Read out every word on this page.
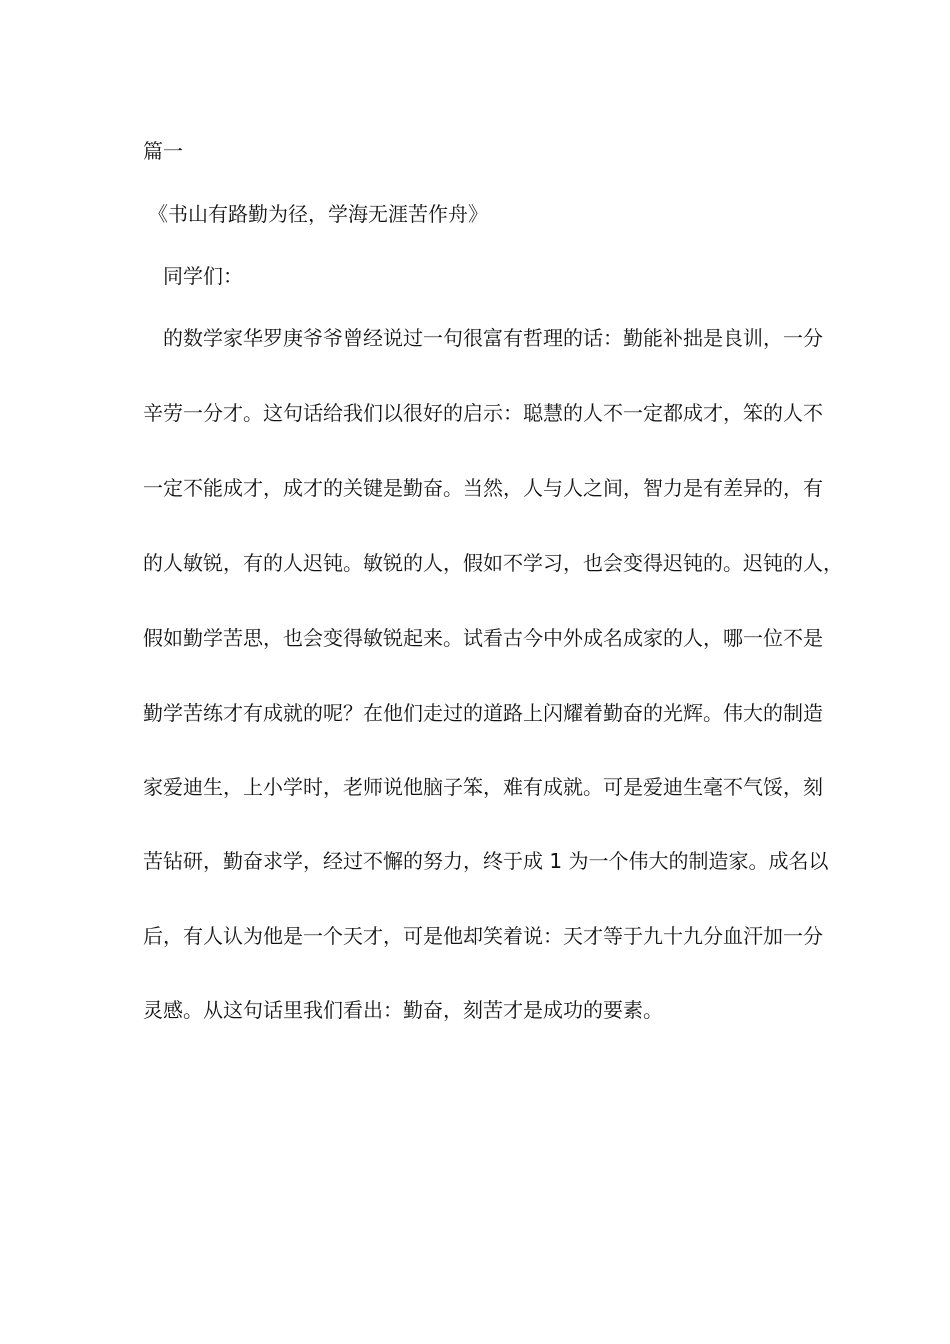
篇一
《书山有路勤为径，学海无涯苦作舟》
同学们：
的数学家华罗庚爷爷曾经说过一句很富有哲理的话：勤能补拙是良训，一分
辛劳一分才。这句话给我们以很好的启示：聪慧的人不一定都成才，笨的人不
一定不能成才，成才的关键是勤奋。当然，人与人之间，智力是有差异的，有
的人敏锐，有的人迟钝。敏锐的人，假如不学习，也会变得迟钝的。迟钝的人，
假如勤学苦思，也会变得敏锐起来。试看古今中外成名成家的人，哪一位不是
勤学苦练才有成就的呢？在他们走过的道路上闪耀着勤奋的光辉。伟大的制造
家爱迪生，上小学时，老师说他脑子笨，难有成就。可是爱迪生毫不气馁，刻
苦钻研，勤奋求学，经过不懈的努力，终于成 1 为一个伟大的制造家。成名以
后，有人认为他是一个天才，可是他却笑着说：天才等于九十九分血汗加一分
灵感。从这句话里我们看出：勤奋，刻苦才是成功的要素。
